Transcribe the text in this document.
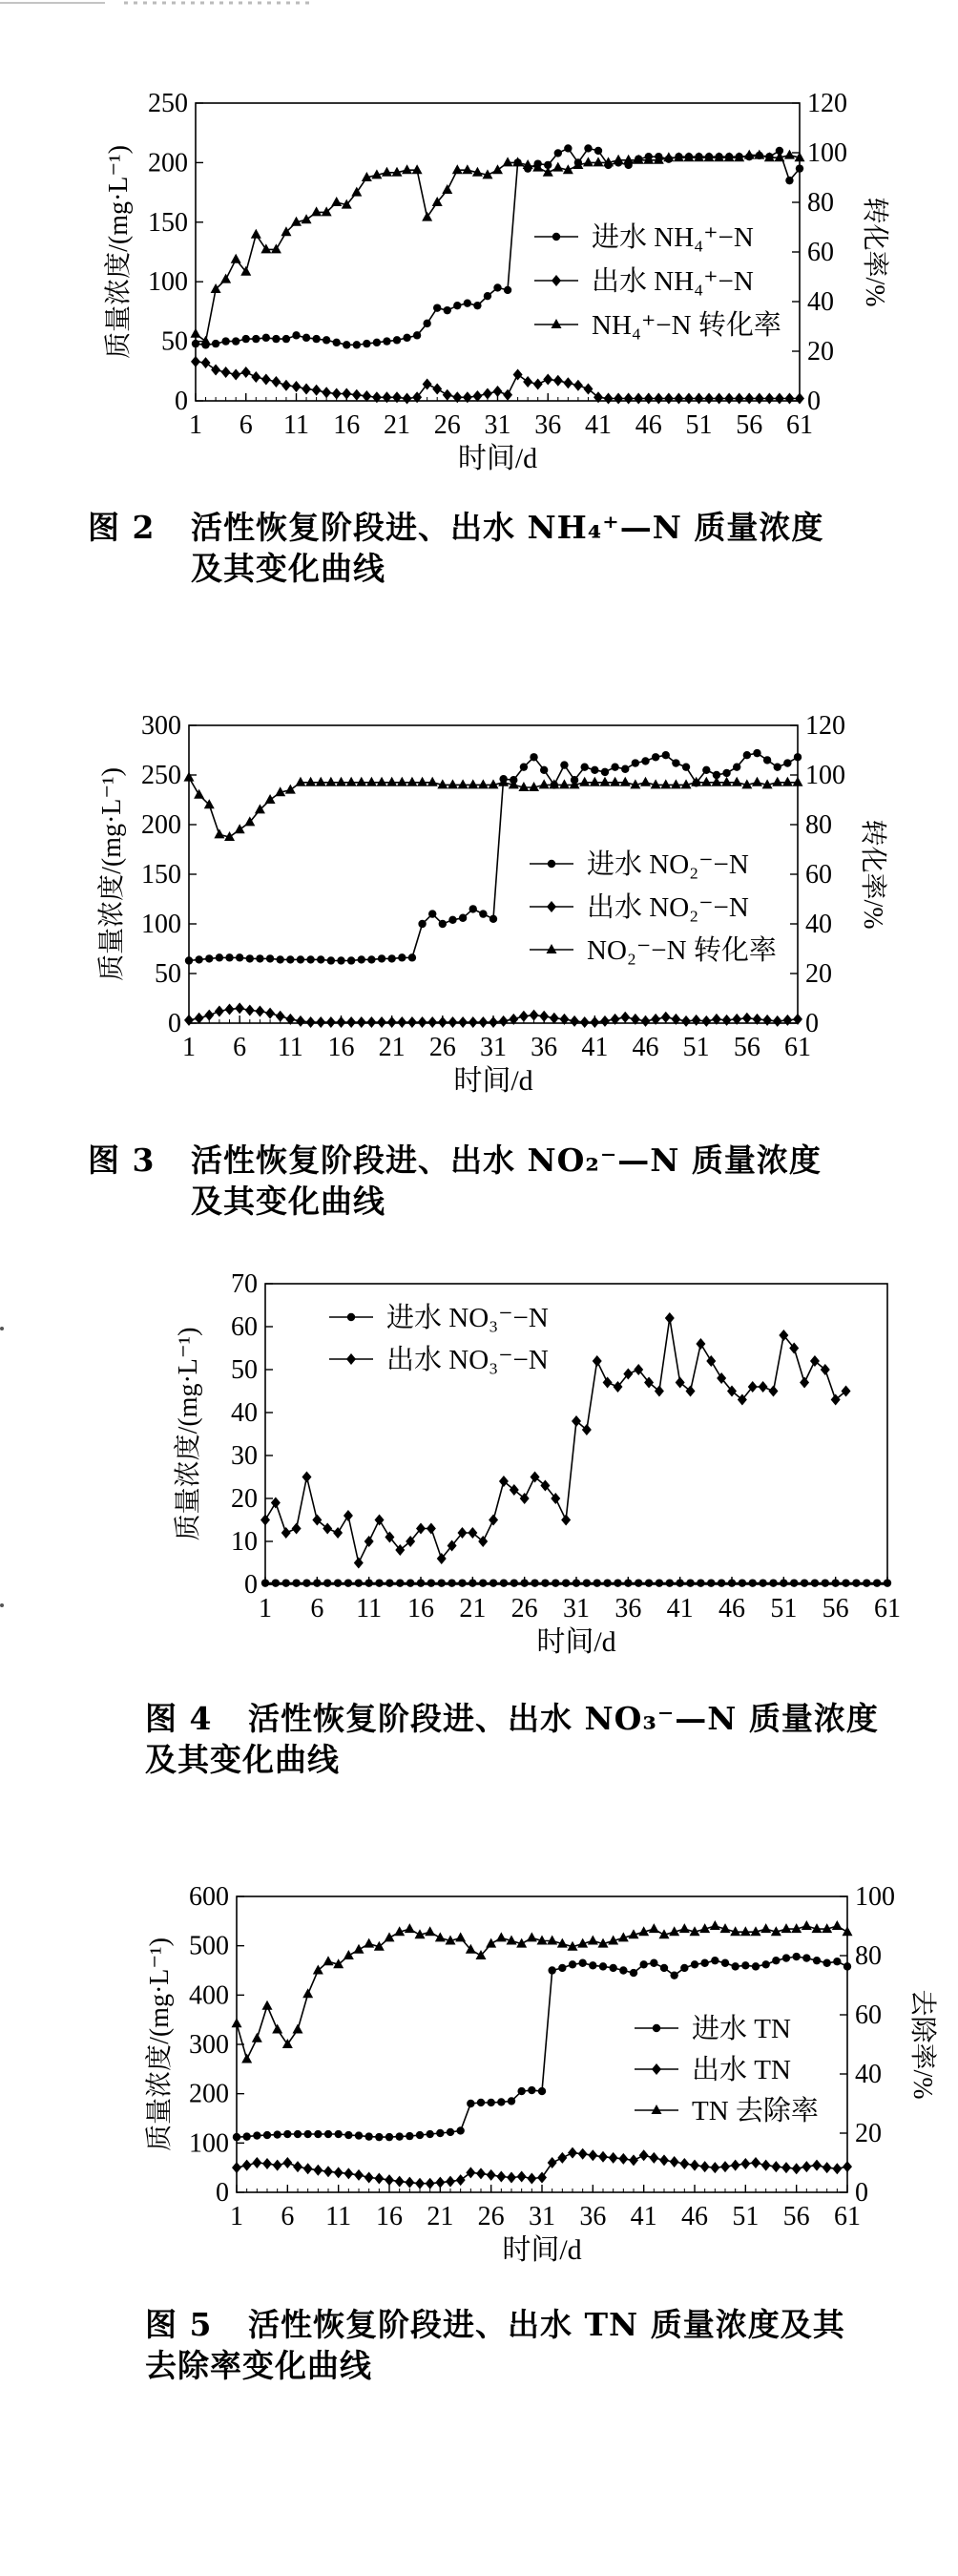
1 6 11 16 21 26 31 36 41 46 51 56 61
0
50
100
150
200
250
0
20
40
60
80
100
120
时间/d
质量浓度/(mg·L⁻¹)	转化率/%
进水 NH₄⁺−N
出水 NH₄⁺−N
NH₄⁺−N 转化率
图 2 活性恢复阶段进、出水 NH₄⁺—N 质量浓度
及其变化曲线
1 6 11 16 21 26 31 36 41 46 51 56 61
0
50
100
150
200
250
300
0
20
40
60
80
100
120
时间/d
质量浓度/(mg·L⁻¹)	转化率/%
进水 NO₂⁻−N
出水 NO₂⁻−N
NO₂⁻−N 转化率
图 3 活性恢复阶段进、出水 NO₂⁻—N 质量浓度
及其变化曲线
1 6 11 16 21 26 31 36 41 46 51 56 61
0
10
20
30
40
50
60
70
时间/d
质量浓度/(mg·L⁻¹)
进水 NO₃⁻−N
出水 NO₃⁻−N
图 4 活性恢复阶段进、出水 NO₃⁻—N 质量浓度
及其变化曲线
1 6 11 16 21 26 31 36 41 46 51 56 61
0
100
200
300
400
500
600
0
20
40
60
80
100
时间/d
质量浓度/(mg·L⁻¹)	去除率/%
进水 TN
出水 TN
TN 去除率
图 5 活性恢复阶段进、出水 TN 质量浓度及其
去除率变化曲线
